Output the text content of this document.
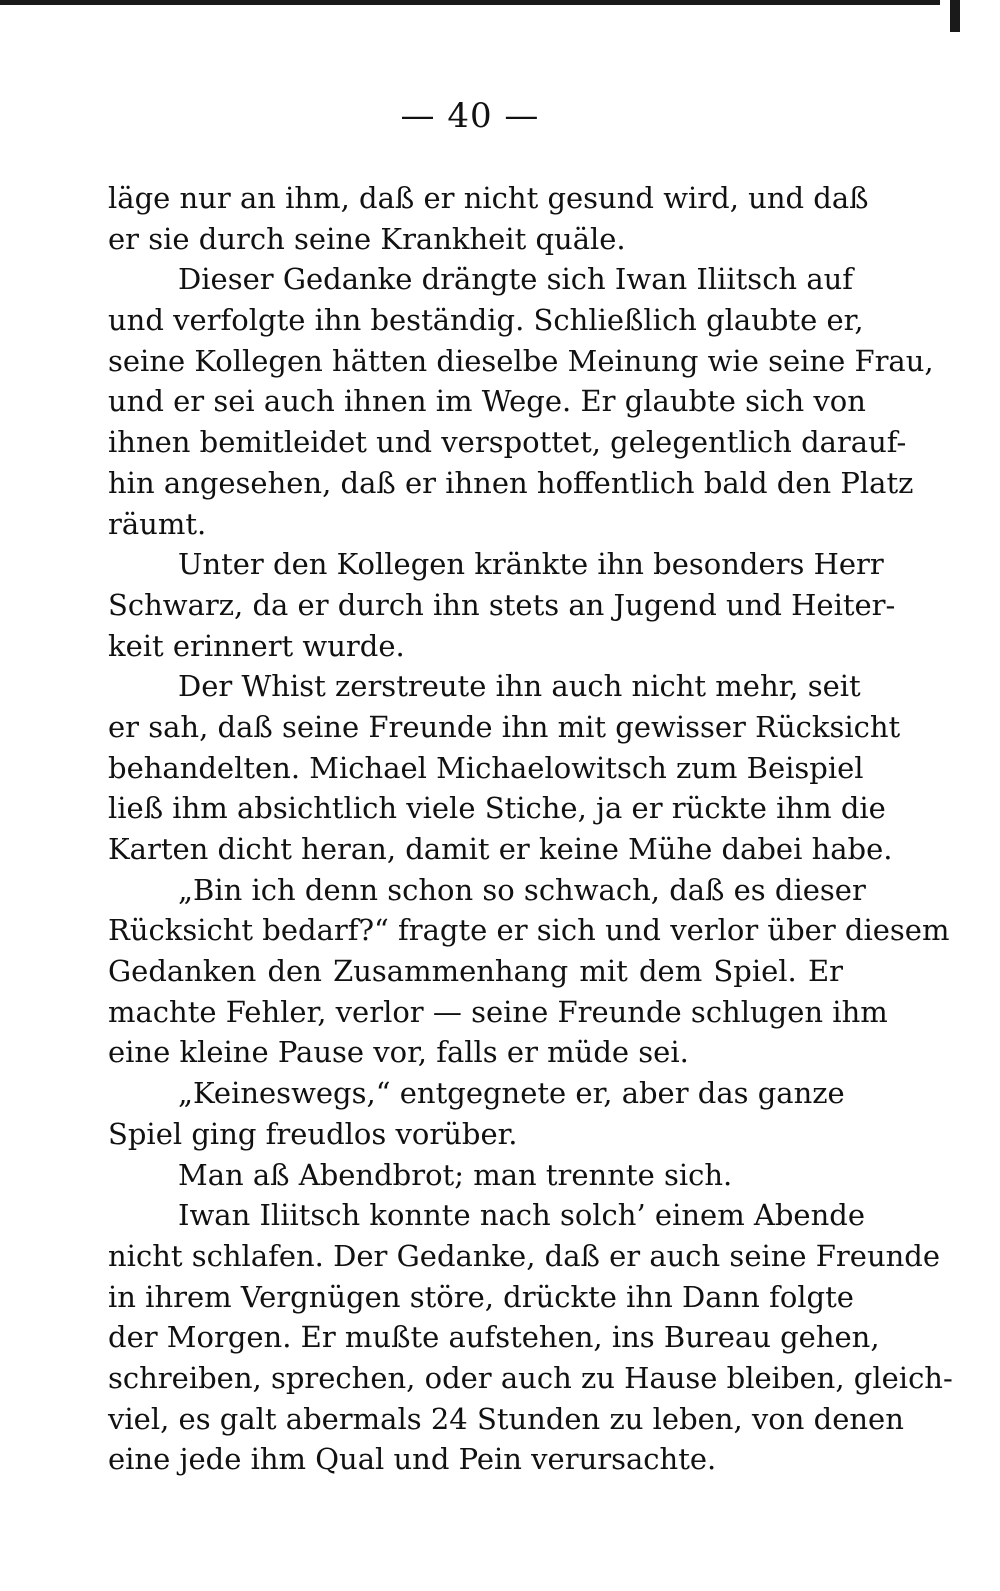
— 40 —
läge nur an ihm, daß er nicht gesund wird, und daß
er sie durch seine Krankheit quäle.
Dieser Gedanke drängte sich Iwan Iliitsch auf
und verfolgte ihn beständig. Schließlich glaubte er,
seine Kollegen hätten dieselbe Meinung wie seine Frau,
und er sei auch ihnen im Wege. Er glaubte sich von
ihnen bemitleidet und verspottet, gelegentlich darauf-
hin angesehen, daß er ihnen hoffentlich bald den Platz
räumt.
Unter den Kollegen kränkte ihn besonders Herr
Schwarz, da er durch ihn stets an Jugend und Heiter-
keit erinnert wurde.
Der Whist zerstreute ihn auch nicht mehr, seit
er sah, daß seine Freunde ihn mit gewisser Rücksicht
behandelten. Michael Michaelowitsch zum Beispiel
ließ ihm absichtlich viele Stiche, ja er rückte ihm die
Karten dicht heran, damit er keine Mühe dabei habe.
„Bin ich denn schon so schwach, daß es dieser
Rücksicht bedarf?“ fragte er sich und verlor über diesem
Gedanken den Zusammenhang mit dem Spiel. Er
machte Fehler, verlor — seine Freunde schlugen ihm
eine kleine Pause vor, falls er müde sei.
„Keineswegs,“ entgegnete er, aber das ganze
Spiel ging freudlos vorüber.
Man aß Abendbrot; man trennte sich.
Iwan Iliitsch konnte nach solch’ einem Abende
nicht schlafen. Der Gedanke, daß er auch seine Freunde
in ihrem Vergnügen störe, drückte ihn Dann folgte
der Morgen. Er mußte aufstehen, ins Bureau gehen,
schreiben, sprechen, oder auch zu Hause bleiben, gleich-
viel, es galt abermals 24 Stunden zu leben, von denen
eine jede ihm Qual und Pein verursachte.
